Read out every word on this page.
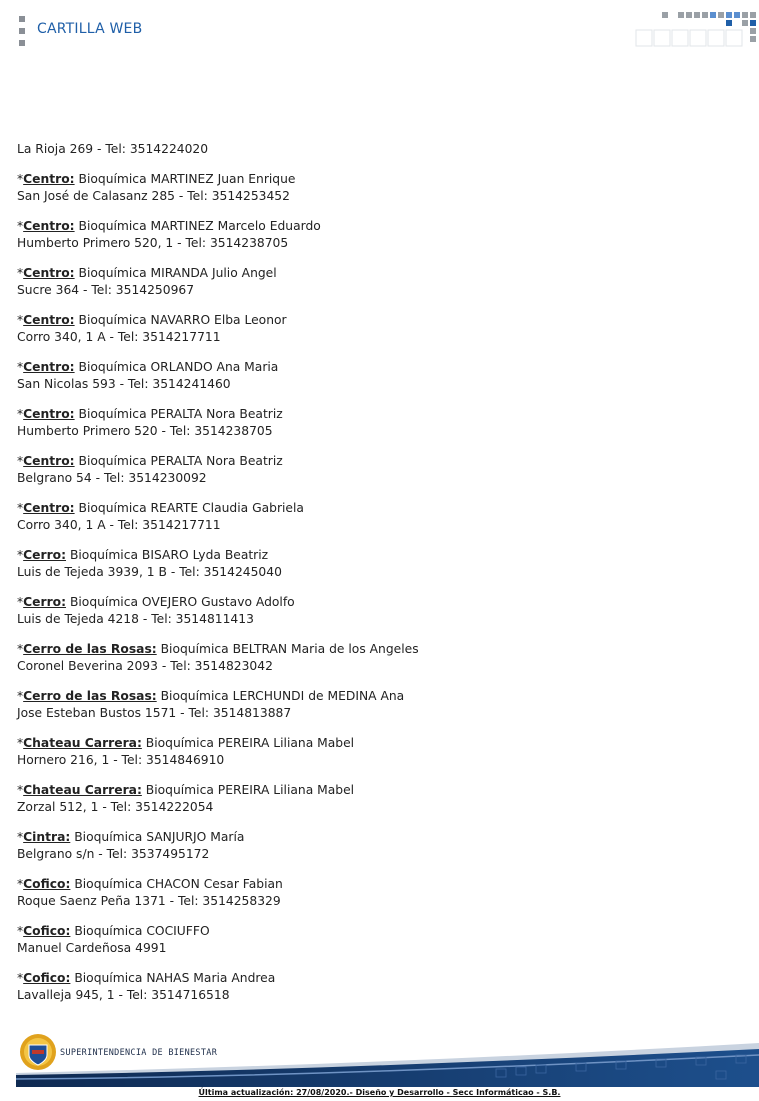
CARTILLA WEB

La Rioja 269 - Tel: 3514224020

*Centro: Bioquímica MARTINEZ Juan Enrique

San José de Calasanz 285 - Tel: 3514253452

*Centro: Bioquímica MARTINEZ Marcelo Eduardo

Humberto Primero 520, 1 - Tel: 3514238705

*Centro: Bioquímica MIRANDA Julio Angel

Sucre 364 - Tel: 3514250967

*Centro: Bioquímica NAVARRO Elba Leonor

Corro 340, 1 A - Tel: 3514217711

*Centro: Bioquímica ORLANDO Ana Maria

San Nicolas 593 - Tel: 3514241460

*Centro: Bioquímica PERALTA Nora Beatriz

Humberto Primero 520 - Tel: 3514238705

*Centro: Bioquímica PERALTA Nora Beatriz

Belgrano 54 - Tel: 3514230092

*Centro: Bioquímica REARTE Claudia Gabriela

Corro 340, 1 A - Tel: 3514217711

*Cerro: Bioquímica BISARO Lyda Beatriz

Luis de Tejeda 3939, 1 B - Tel: 3514245040

*Cerro: Bioquímica OVEJERO Gustavo Adolfo

Luis de Tejeda 4218 - Tel: 3514811413

*Cerro de las Rosas: Bioquímica BELTRAN Maria de los Angeles

Coronel Beverina 2093 - Tel: 3514823042

*Cerro de las Rosas: Bioquímica LERCHUNDI de MEDINA Ana

Jose Esteban Bustos 1571 - Tel: 3514813887

*Chateau Carrera: Bioquímica PEREIRA Liliana Mabel

Hornero 216, 1 - Tel: 3514846910

*Chateau Carrera: Bioquímica PEREIRA Liliana Mabel

Zorzal 512, 1 - Tel: 3514222054

*Cintra: Bioquímica SANJURJO María

Belgrano s/n - Tel: 3537495172

*Cofico: Bioquímica CHACON Cesar Fabian

Roque Saenz Peña 1371 - Tel: 3514258329

*Cofico: Bioquímica COCIUFFO

Manuel Cardeñosa 4991

*Cofico: Bioquímica NAHAS Maria Andrea

Lavalleja 945, 1 - Tel: 3514716518

SUPERINTENDENCIA DE BIENESTAR
Última actualización: 27/08/2020.- Diseño y Desarrollo - Secc Informáticao - S.B.
